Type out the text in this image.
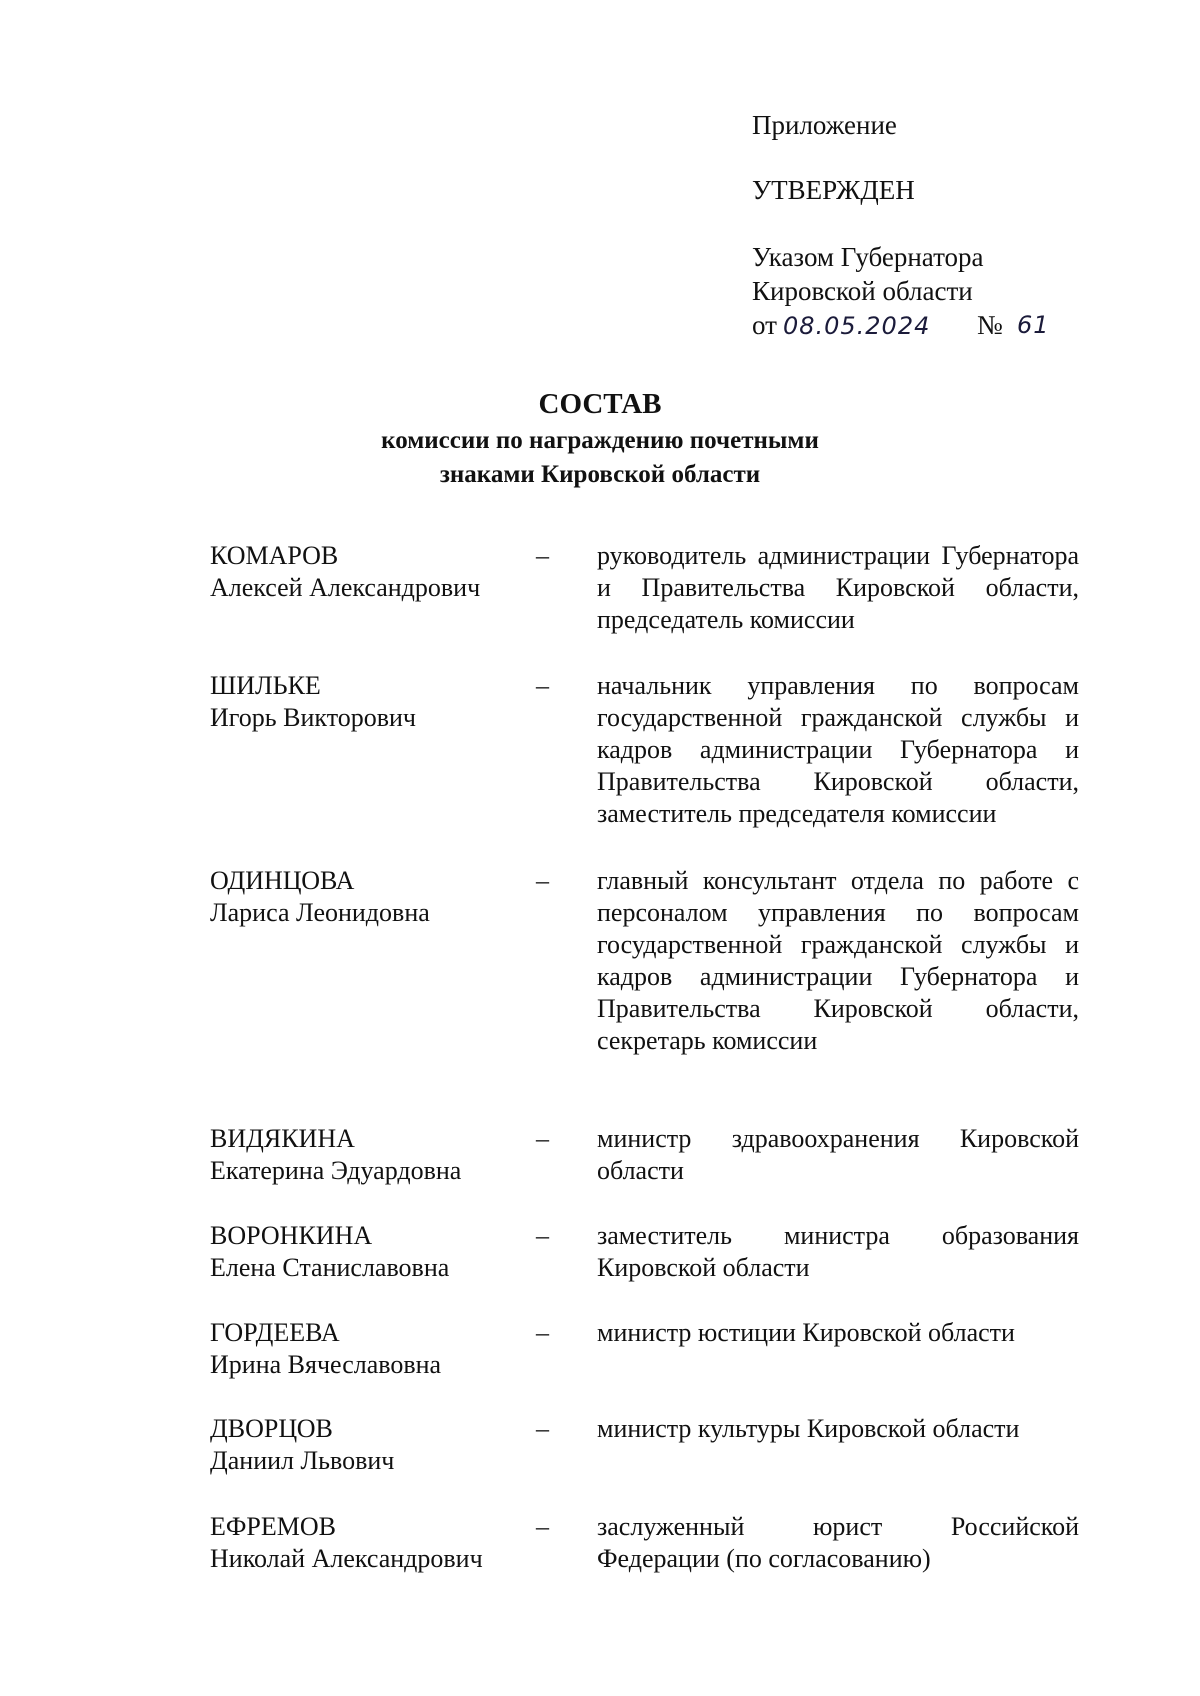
Приложение
УТВЕРЖДЕН
Указом Губернатора
Кировской области
от 08.05.2024 № 61
СОСТАВ
комиссии по награждению почетными
знаками Кировской области
КОМАРОВ
Алексей Александрович
– руководитель администрации Губернатора и Правительства Кировской области, председатель комиссии
ШИЛЬКЕ
Игорь Викторович
– начальник управления по вопросам государственной гражданской службы и кадров администрации Губернатора и Правительства Кировской области, заместитель председателя комиссии
ОДИНЦОВА
Лариса Леонидовна
– главный консультант отдела по работе с персоналом управления по вопросам государственной гражданской службы и кадров администрации Губернатора и Правительства Кировской области, секретарь комиссии
ВИДЯКИНА
Екатерина Эдуардовна
– министр здравоохранения Кировской области
ВОРОНКИНА
Елена Станиславовна
– заместитель министра образования Кировской области
ГОРДЕЕВА
Ирина Вячеславовна
– министр юстиции Кировской области
ДВОРЦОВ
Даниил Львович
– министр культуры Кировской области
ЕФРЕМОВ
Николай Александрович
– заслуженный юрист Российской Федерации (по согласованию)
